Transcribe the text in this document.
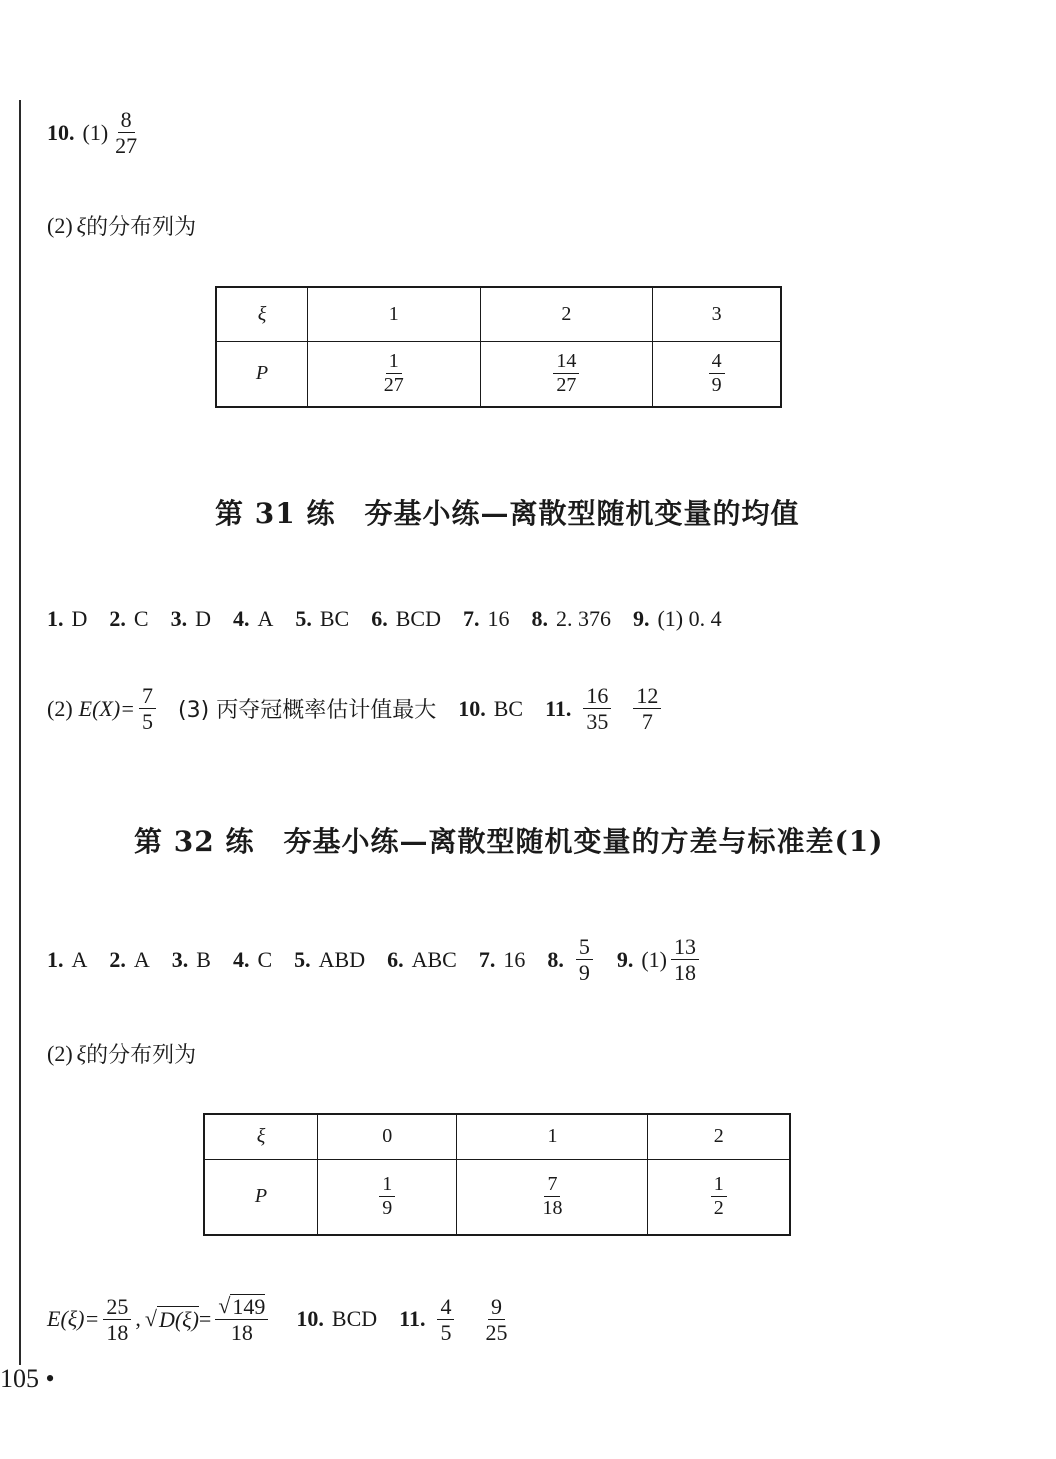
10. $(1) \frac{8}{27}$
(2) ξ 的分布列为
ξ	1	2	3
P	$\frac{1}{27}$	$\frac{14}{27}$	$\frac{4}{9}$
第 31 练　夯基小练—离散型随机变量的均值
1. D 2. C 3. D 4. A 5. BC 6. BCD 7. 16 8. 2. 376 9. (1) 0. 4
(2) $E(X)= \frac{7}{5} (3)$ 丙夺冠概率估计值最大 10. BC 11. $\frac{16}{35} \frac{12}{7}$
第 32 练　夯基小练—离散型随机变量的方差与标准差(1)
1. A 2. A 3. B 4. C 5. ABD 6. ABC 7. 16 8. $\frac{5}{9} 9$. $(1) \frac{13}{18}$
(2) ξ 的分布列为
ξ	0	1	2
P	$\frac{1}{9}$	$\frac{7}{18}$	$\frac{1}{2}$
$E(\xi)= \frac{25}{18}$ , √ $D(\xi) = \frac{√ 149}{18} 10$. BCD 11. $\frac{4}{5} \frac{9}{25}$
105 •
